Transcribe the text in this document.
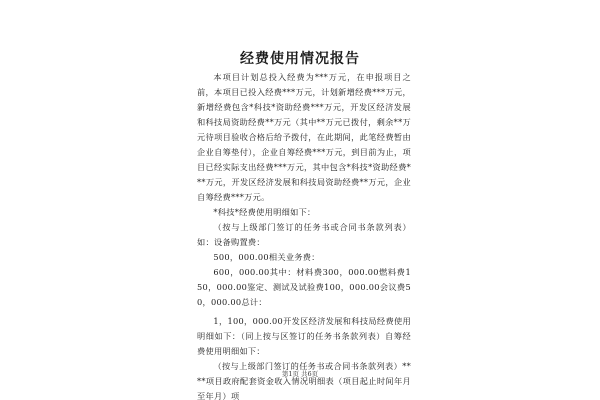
经费使用情况报告

本项目计划总投入经费为***万元，在申报项目之前，本项目已投入经费***万元，计划新增经费***万元，新增经费包含*科技*资助经费***万元，开发区经济发展和科技局资助经费**万元（其中**万元已拨付，剩余**万元待项目验收合格后给予拨付，在此期间，此笔经费暂由企业自筹垫付），企业自筹经费***万元，到目前为止，项目已经实际支出经费***万元，其中包含*科技*资助经费***万元，开发区经济发展和科技局资助经费**万元，企业自筹经费***万元。

*科技*经费使用明细如下：

（按与上级部门签订的任务书或合同书条款列表）如：设备购置费：

500，000.00相关业务费：

600，000.00其中：材料费300，000.00燃料费150，000.00鉴定、测试及试验费100，000.00会议费50，000.00总计：

1，100，000.00开发区经济发展和科技局经费使用明细如下：（同上按与区签订的任务书条款列表）自筹经费使用明细如下：

（按与上级部门签订的任务书或合同书条款列表）****项目政府配套资金收入情况明细表（项目起止时间年月至年月）项

第1页 共6页
